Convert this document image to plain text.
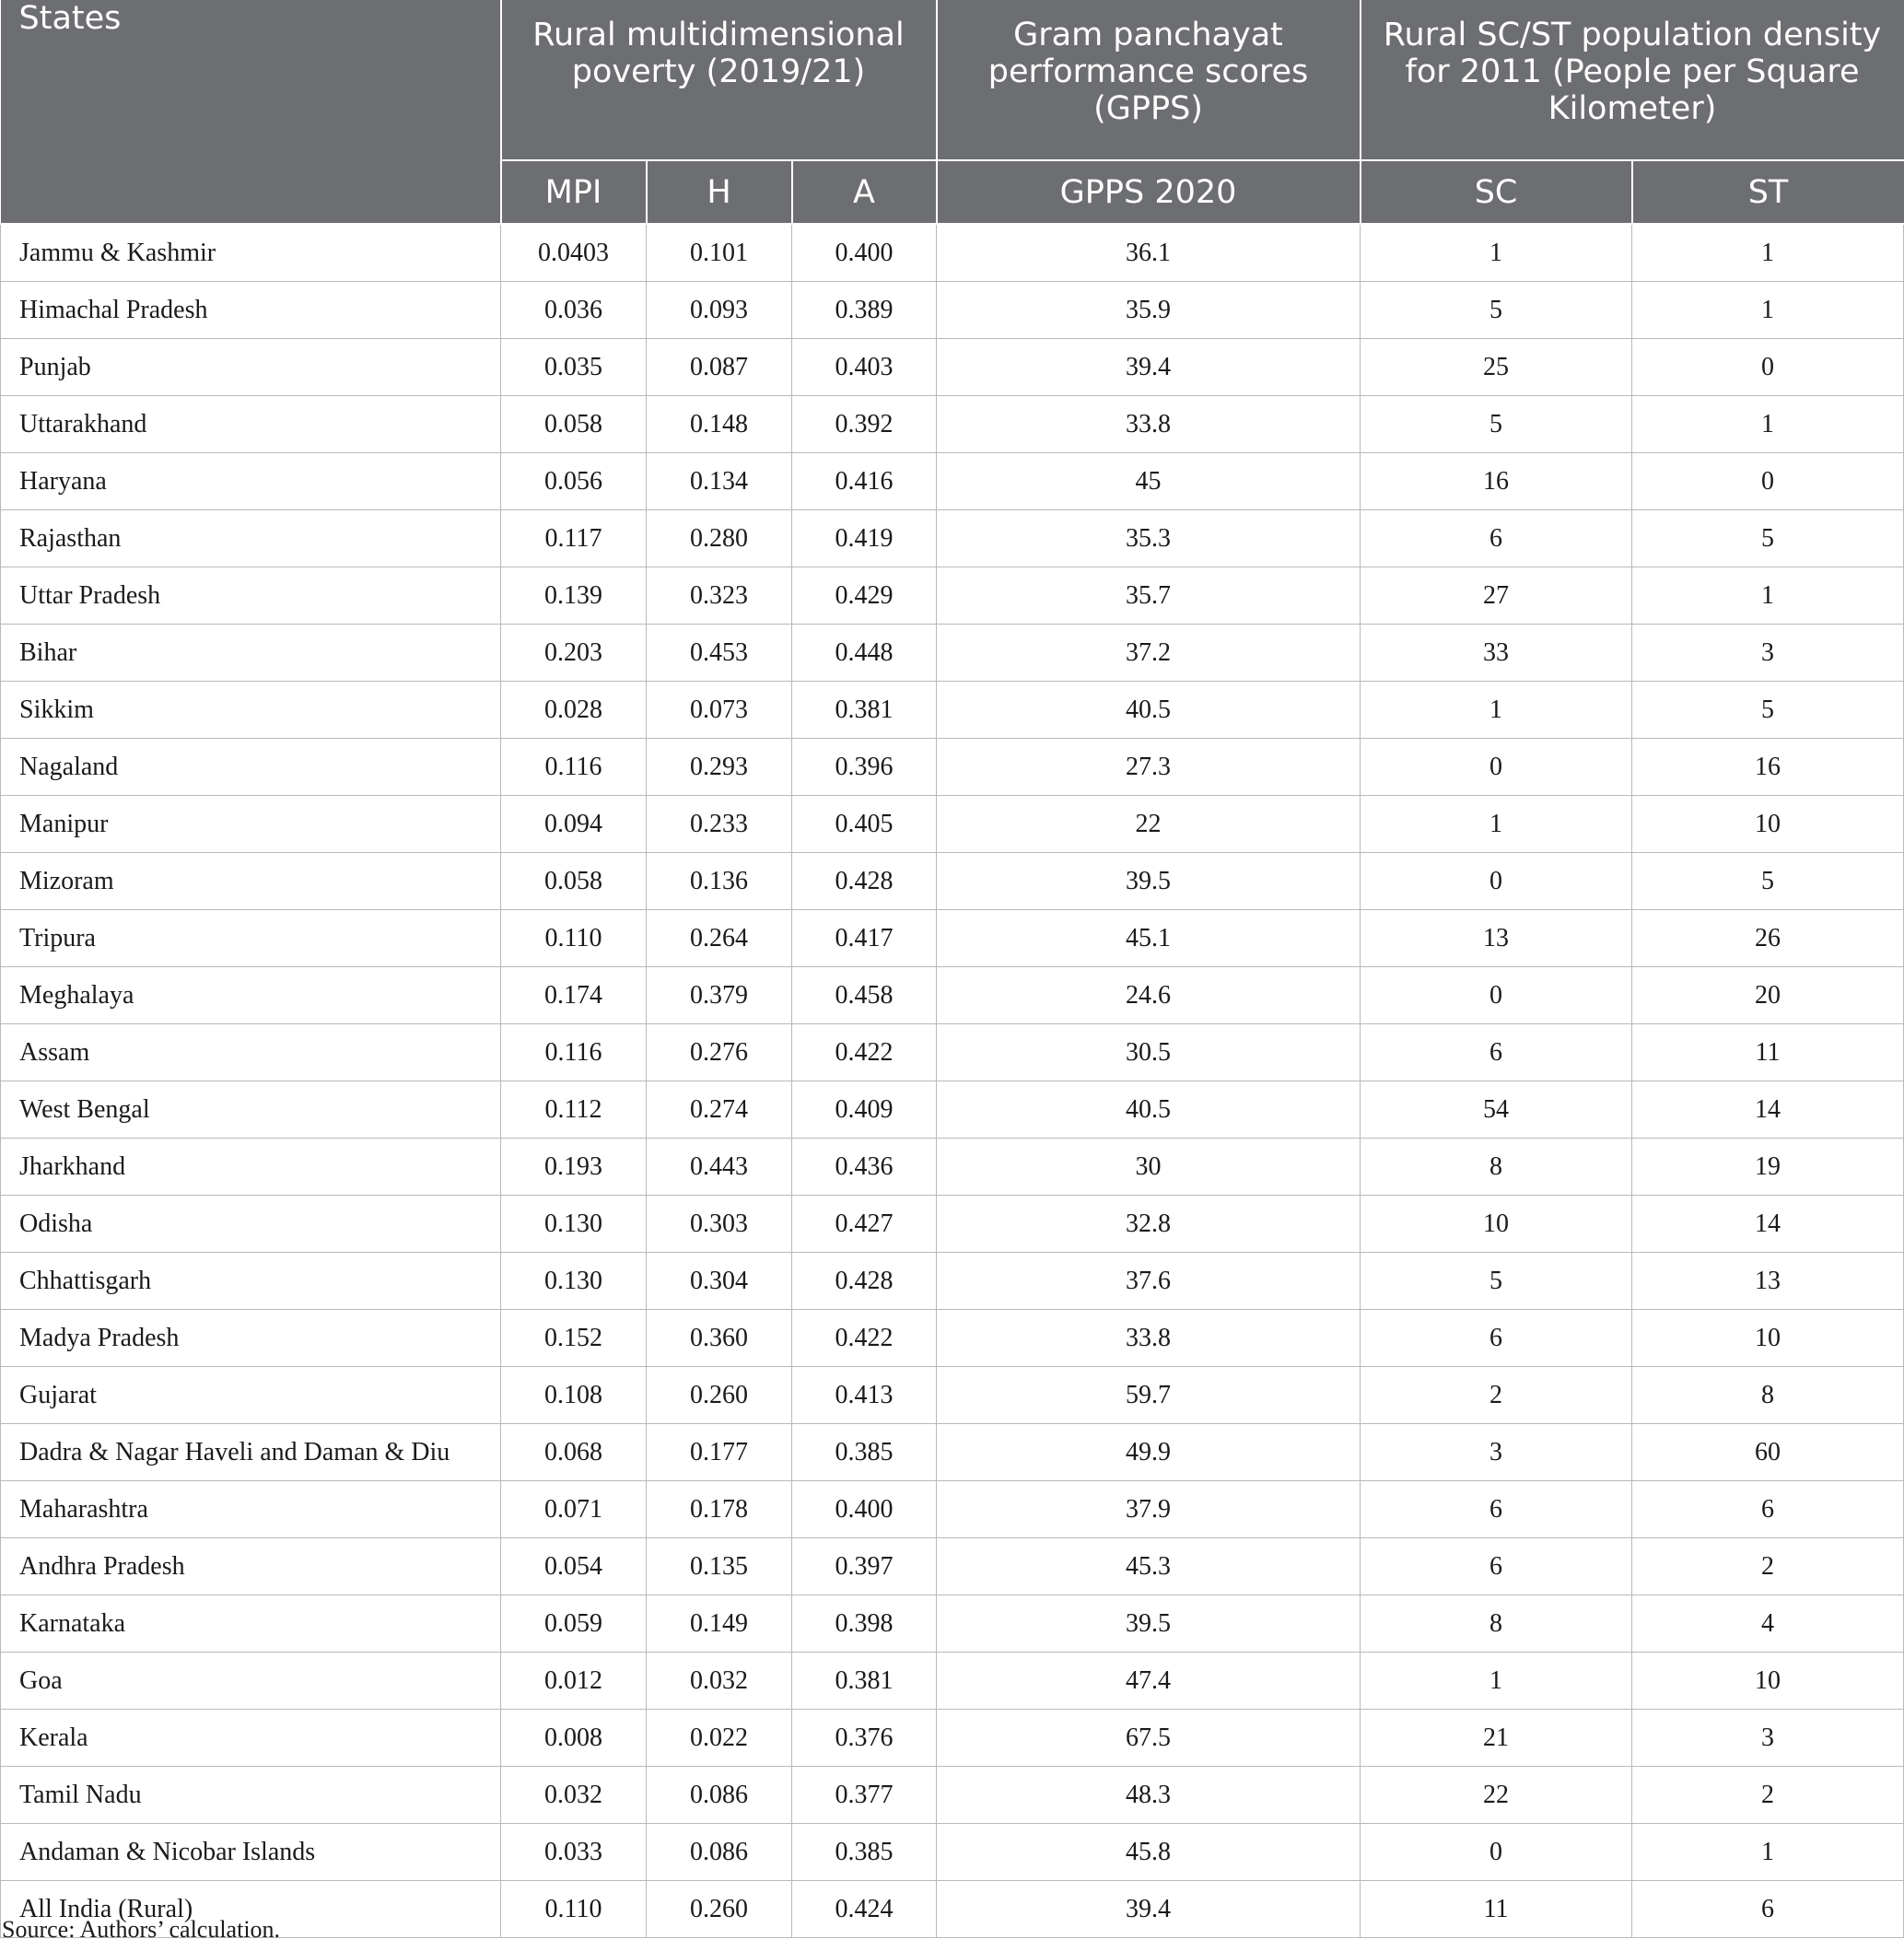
States	Rural multidimensional poverty (2019/21)			Gram panchayat performance scores (GPPS)	Rural SC/ST population density for 2011 (People per Square Kilometer)	
	MPI	H	A	GPPS 2020	SC	ST
Jammu & Kashmir	0.0403	0.101	0.400	36.1	1	1
Himachal Pradesh	0.036	0.093	0.389	35.9	5	1
Punjab	0.035	0.087	0.403	39.4	25	0
Uttarakhand	0.058	0.148	0.392	33.8	5	1
Haryana	0.056	0.134	0.416	45	16	0
Rajasthan	0.117	0.280	0.419	35.3	6	5
Uttar Pradesh	0.139	0.323	0.429	35.7	27	1
Bihar	0.203	0.453	0.448	37.2	33	3
Sikkim	0.028	0.073	0.381	40.5	1	5
Nagaland	0.116	0.293	0.396	27.3	0	16
Manipur	0.094	0.233	0.405	22	1	10
Mizoram	0.058	0.136	0.428	39.5	0	5
Tripura	0.110	0.264	0.417	45.1	13	26
Meghalaya	0.174	0.379	0.458	24.6	0	20
Assam	0.116	0.276	0.422	30.5	6	11
West Bengal	0.112	0.274	0.409	40.5	54	14
Jharkhand	0.193	0.443	0.436	30	8	19
Odisha	0.130	0.303	0.427	32.8	10	14
Chhattisgarh	0.130	0.304	0.428	37.6	5	13
Madya Pradesh	0.152	0.360	0.422	33.8	6	10
Gujarat	0.108	0.260	0.413	59.7	2	8
Dadra & Nagar Haveli and Daman & Diu	0.068	0.177	0.385	49.9	3	60
Maharashtra	0.071	0.178	0.400	37.9	6	6
Andhra Pradesh	0.054	0.135	0.397	45.3	6	2
Karnataka	0.059	0.149	0.398	39.5	8	4
Goa	0.012	0.032	0.381	47.4	1	10
Kerala	0.008	0.022	0.376	67.5	21	3
Tamil Nadu	0.032	0.086	0.377	48.3	22	2
Andaman & Nicobar Islands	0.033	0.086	0.385	45.8	0	1
All India (Rural)	0.110	0.260	0.424	39.4	11	6

Source: Authors’ calculation.
